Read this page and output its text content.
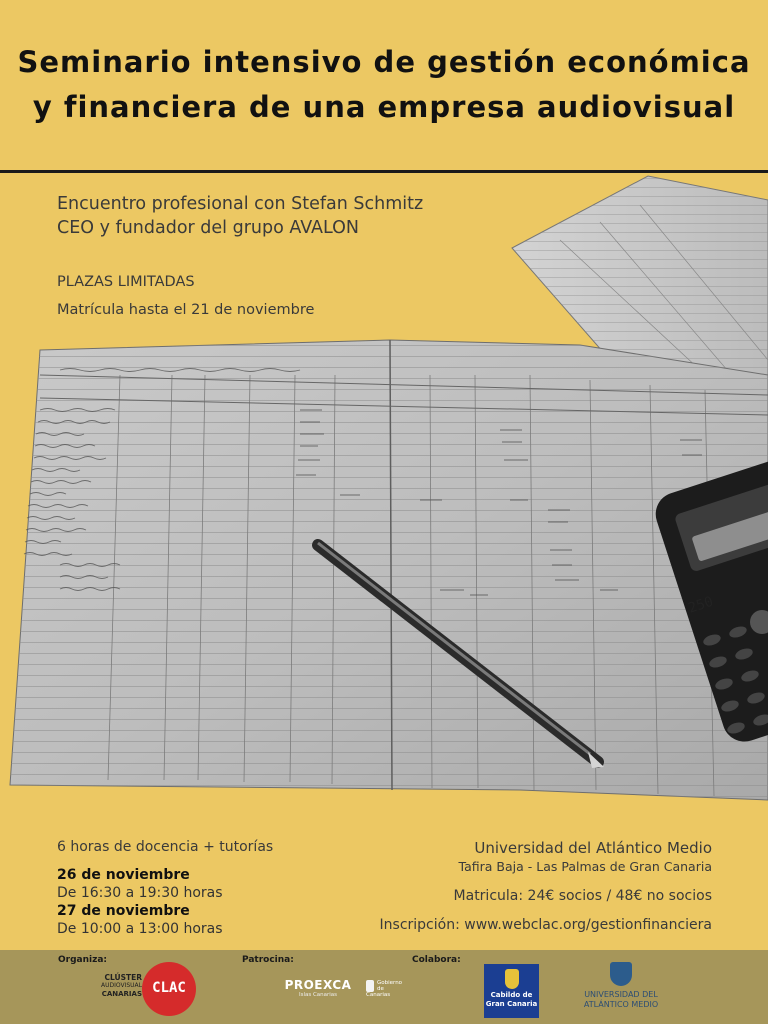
Seminario intensivo de gestión económica
y financiera de una empresa audiovisual
250
Encuentro profesional con Stefan Schmitz
CEO y fundador del grupo AVALON
PLAZAS LIMITADAS
Matrícula hasta el 21 de noviembre
6 horas de docencia + tutorías
26 de noviembre
De 16:30 a 19:30 horas
27 de noviembre
De 10:00 a 13:00 horas
Universidad del Atlántico Medio
Tafira Baja - Las Palmas de Gran Canaria
Matricula: 24€ socios / 48€ no socios
Inscripción: www.webclac.org/gestionfinanciera
Organiza:	Patrocina:	Colabora:
CLÚSTER
AUDIOVISUAL
CANARIAS CLAC	PROEXCA
Islas Canarias
Gobierno de Canarias	Cabildo de
Gran Canaria
UNIVERSIDAD DEL
ATLÁNTICO MEDIO
